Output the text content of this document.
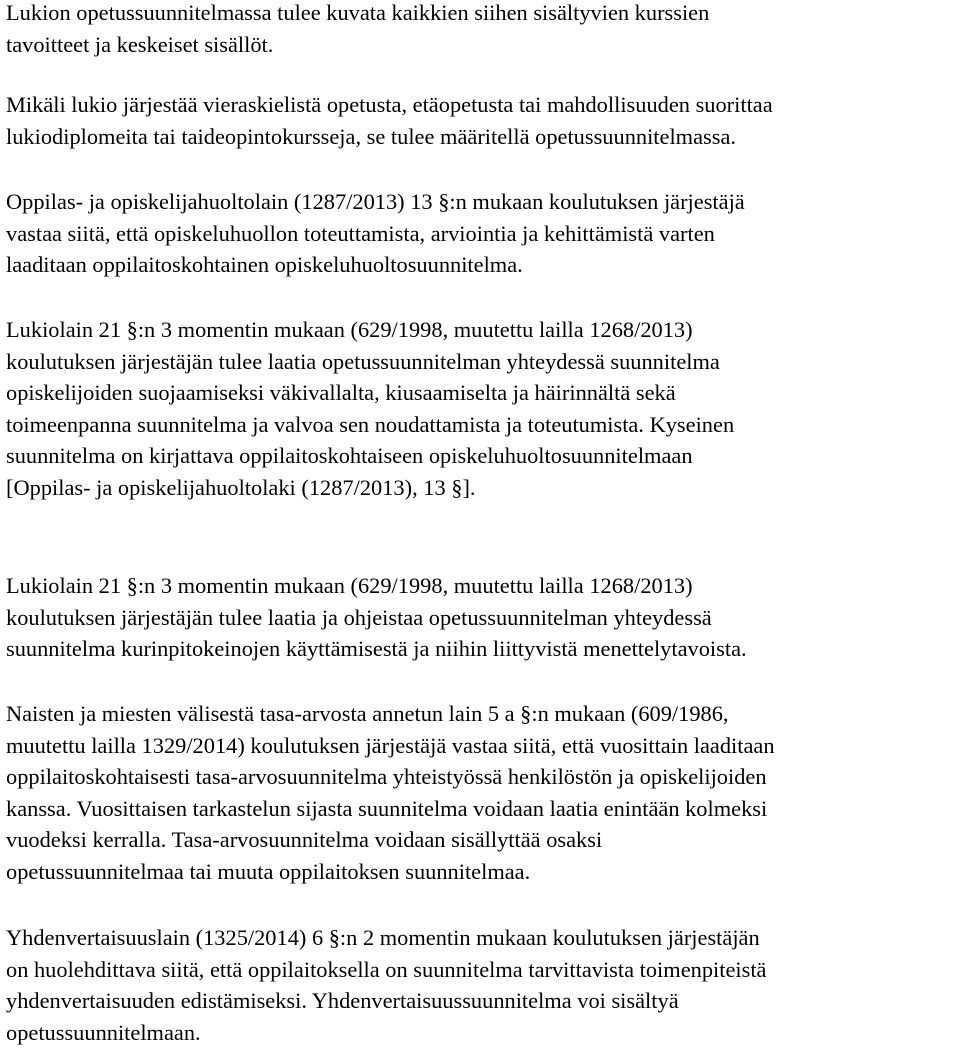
Lukion opetussuunnitelmassa tulee kuvata kaikkien siihen sisältyvien kurssien
tavoitteet ja keskeiset sisällöt.

Mikäli lukio järjestää vieraskielistä opetusta, etäopetusta tai mahdollisuuden suorittaa
lukiodiplomeita tai taideopintokursseja, se tulee määritellä opetussuunnitelmassa.

Oppilas- ja opiskelijahuoltolain (1287/2013) 13 §:n mukaan koulutuksen järjestäjä
vastaa siitä, että opiskeluhuollon toteuttamista, arviointia ja kehittämistä varten
laaditaan oppilaitoskohtainen opiskeluhuoltosuunnitelma.

Lukiolain 21 §:n 3 momentin mukaan (629/1998, muutettu lailla 1268/2013)
koulutuksen järjestäjän tulee laatia opetussuunnitelman yhteydessä suunnitelma
opiskelijoiden suojaamiseksi väkivallalta, kiusaamiselta ja häirinnältä sekä
toimeenpanna suunnitelma ja valvoa sen noudattamista ja toteutumista. Kyseinen
suunnitelma on kirjattava oppilaitoskohtaiseen opiskeluhuoltosuunnitelmaan
[Oppilas- ja opiskelijahuoltolaki (1287/2013), 13 §].

Lukiolain 21 §:n 3 momentin mukaan (629/1998, muutettu lailla 1268/2013)
koulutuksen järjestäjän tulee laatia ja ohjeistaa opetussuunnitelman yhteydessä
suunnitelma kurinpitokeinojen käyttämisestä ja niihin liittyvistä menettelytavoista.

Naisten ja miesten välisestä tasa-arvosta annetun lain 5 a §:n mukaan (609/1986,
muutettu lailla 1329/2014) koulutuksen järjestäjä vastaa siitä, että vuosittain laaditaan
oppilaitoskohtaisesti tasa-arvosuunnitelma yhteistyössä henkilöstön ja opiskelijoiden
kanssa. Vuosittaisen tarkastelun sijasta suunnitelma voidaan laatia enintään kolmeksi
vuodeksi kerralla. Tasa-arvosuunnitelma voidaan sisällyttää osaksi
opetussuunnitelmaa tai muuta oppilaitoksen suunnitelmaa.

Yhdenvertaisuuslain (1325/2014) 6 §:n 2 momentin mukaan koulutuksen järjestäjän
on huolehdittava siitä, että oppilaitoksella on suunnitelma tarvittavista toimenpiteistä
yhdenvertaisuuden edistämiseksi. Yhdenvertaisuussuunnitelma voi sisältyä
opetussuunnitelmaan.
